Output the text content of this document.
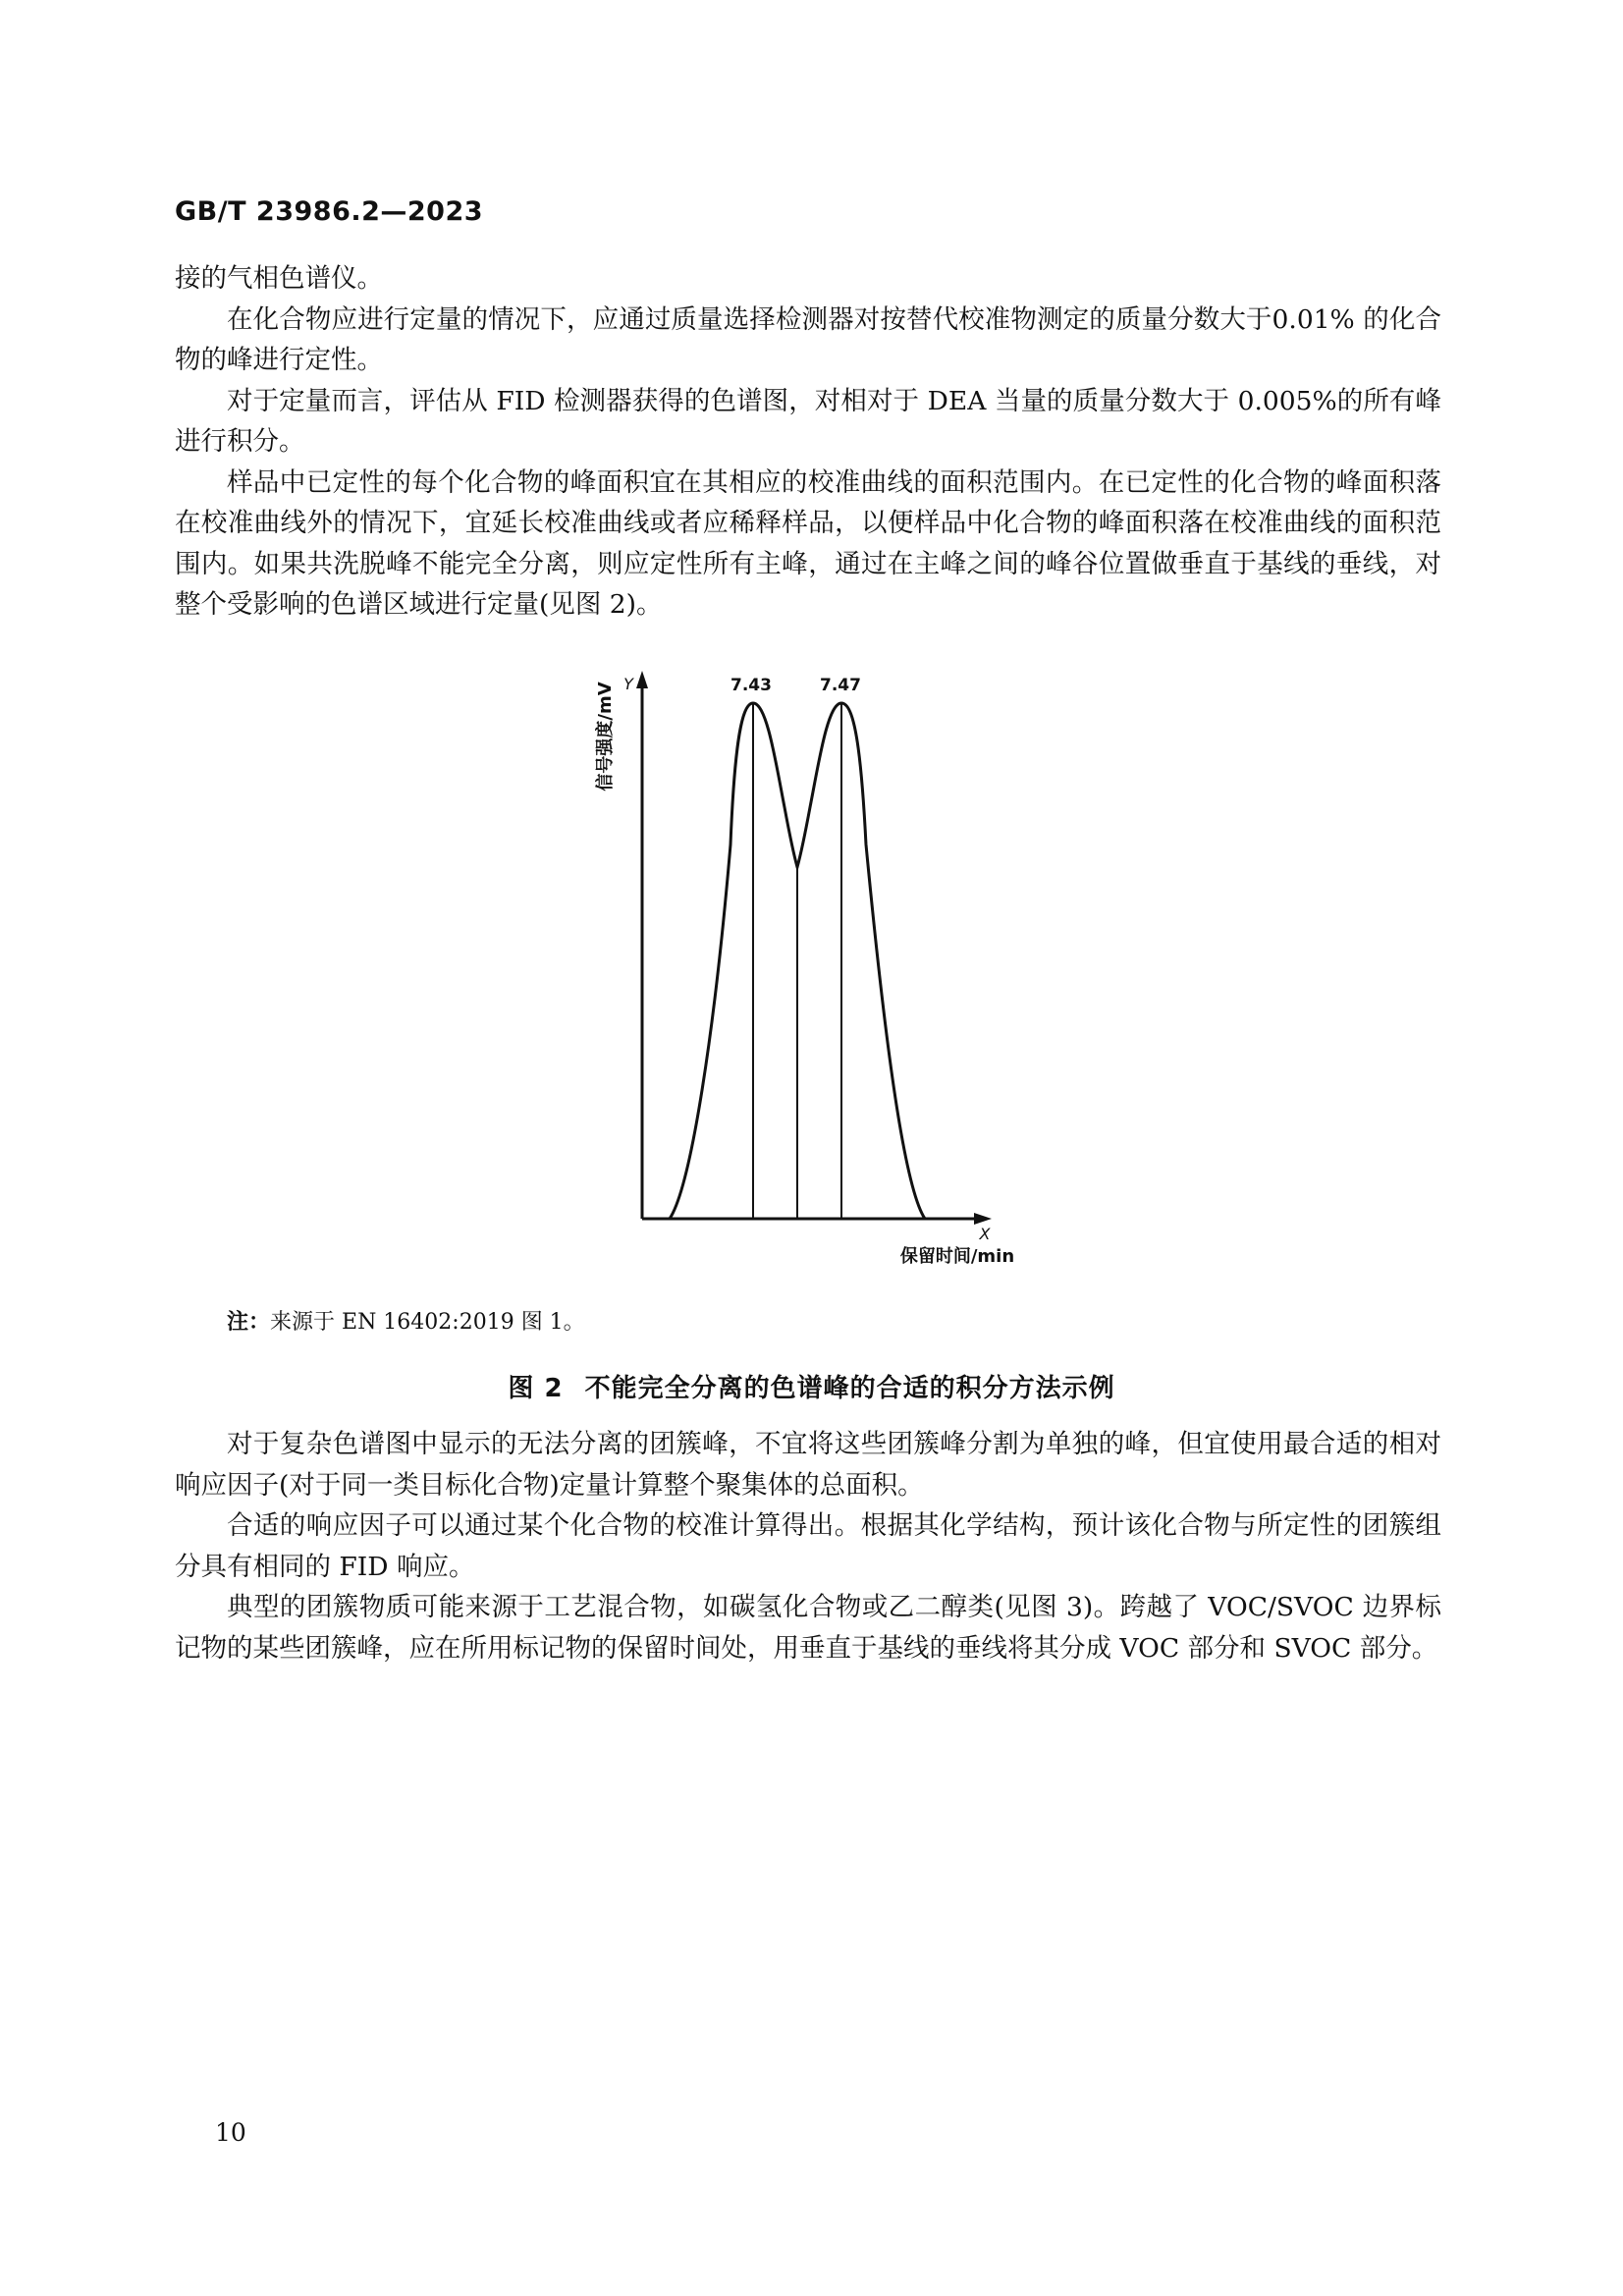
GB/T 23986.2—2023

接的气相色谱仪。

在化合物应进行定量的情况下，应通过质量选择检测器对按替代校准物测定的质量分数大于0.01% 的化合物的峰进行定性。

对于定量而言，评估从 FID 检测器获得的色谱图，对相对于 DEA 当量的质量分数大于 0.005%的所有峰进行积分。

样品中已定性的每个化合物的峰面积宜在其相应的校准曲线的面积范围内。在已定性的化合物的峰面积落在校准曲线外的情况下，宜延长校准曲线或者应稀释样品，以便样品中化合物的峰面积落在校准曲线的面积范围内。如果共洗脱峰不能完全分离，则应定性所有主峰，通过在主峰之间的峰谷位置做垂直于基线的垂线，对整个受影响的色谱区域进行定量(见图 2)。

7.43	7.47
Y
信号强度/mV
X
保留时间/min

注：来源于 EN 16402:2019 图 1。

图 2 不能完全分离的色谱峰的合适的积分方法示例

对于复杂色谱图中显示的无法分离的团簇峰，不宜将这些团簇峰分割为单独的峰，但宜使用最合适的相对响应因子(对于同一类目标化合物)定量计算整个聚集体的总面积。

合适的响应因子可以通过某个化合物的校准计算得出。根据其化学结构，预计该化合物与所定性的团簇组分具有相同的 FID 响应。

典型的团簇物质可能来源于工艺混合物，如碳氢化合物或乙二醇类(见图 3)。跨越了 VOC/SVOC 边界标记物的某些团簇峰，应在所用标记物的保留时间处，用垂直于基线的垂线将其分成 VOC 部分和 SVOC 部分。

10
